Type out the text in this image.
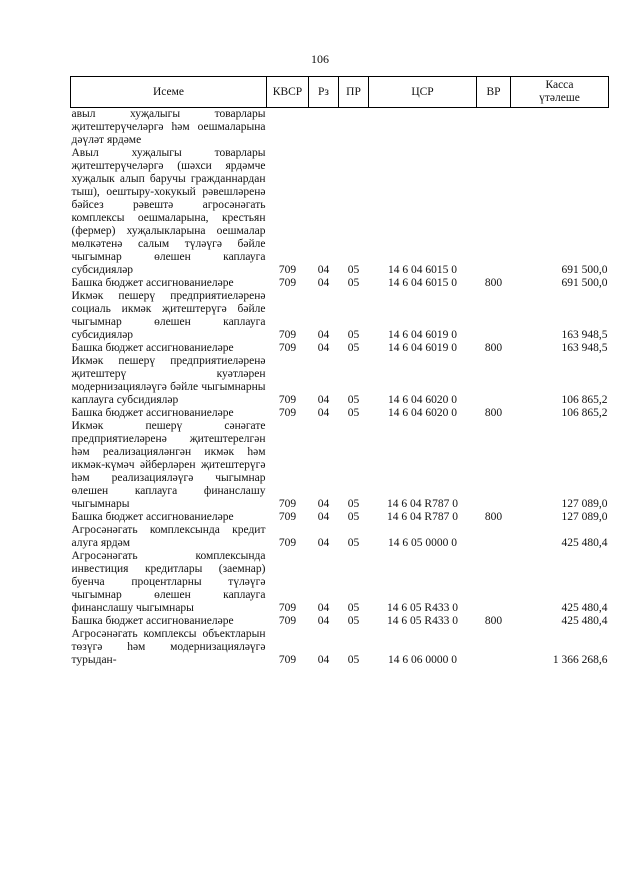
106
Исеме	КВСР	Рз	ПР	ЦСР	ВР	Касса
үтәлеше

авыл хуҗалыгы товарлары җитештерүчеләргә һәм оешмаларына дәүләт ярдәме						
Авыл хуҗалыгы товарлары җитештерүчеләргә (шәхси ярдәмче хуҗалык алып баручы гражданнардан тыш), оештыру-хокукый рәвешләренә бәйсез рәвештә агросәнәгать комплексы оешмаларына, крестьян (фермер) хуҗалыкларына оешмалар мөлкәтенә салым түләүгә бәйле чыгымнар өлешен каплауга субсидияләр	709	04	05	14 6 04 6015 0		691 500,0
Башка бюджет ассигнованиеләре	709	04	05	14 6 04 6015 0	800	691 500,0
Икмәк пешерү предприятиеләренә социаль икмәк җитештерүгә бәйле чыгымнар өлешен каплауга субсидияләр	709	04	05	14 6 04 6019 0		163 948,5
Башка бюджет ассигнованиеләре	709	04	05	14 6 04 6019 0	800	163 948,5
Икмәк пешерү предприятиеләренә җитештерү куәтләрен модернизацияләүгә бәйле чыгымнарны каплауга субсидияләр	709	04	05	14 6 04 6020 0		106 865,2
Башка бюджет ассигнованиеләре	709	04	05	14 6 04 6020 0	800	106 865,2
Икмәк пешерү сәнәгате предприятиеләренә җитештерелгән һәм реализацияләнгән икмәк һәм икмәк-күмәч әйберләрен җитештерүгә һәм реализацияләүгә чыгымнар өлешен каплауга финанслашу чыгымнары	709	04	05	14 6 04 R787 0		127 089,0
Башка бюджет ассигнованиеләре	709	04	05	14 6 04 R787 0	800	127 089,0
Агросәнәгать комплексында кредит алуга ярдәм	709	04	05	14 6 05 0000 0		425 480,4
Агросәнәгать комплексында инвестиция кредитлары (заемнар) буенча процентларны түләүгә чыгымнар өлешен каплауга финанслашу чыгымнары	709	04	05	14 6 05 R433 0		425 480,4
Башка бюджет ассигнованиеләре	709	04	05	14 6 05 R433 0	800	425 480,4
Агросәнәгать комплексы объектларын төзүгә һәм модернизацияләүгә турыдан-	709	04	05	14 6 06 0000 0		1 366 268,6
